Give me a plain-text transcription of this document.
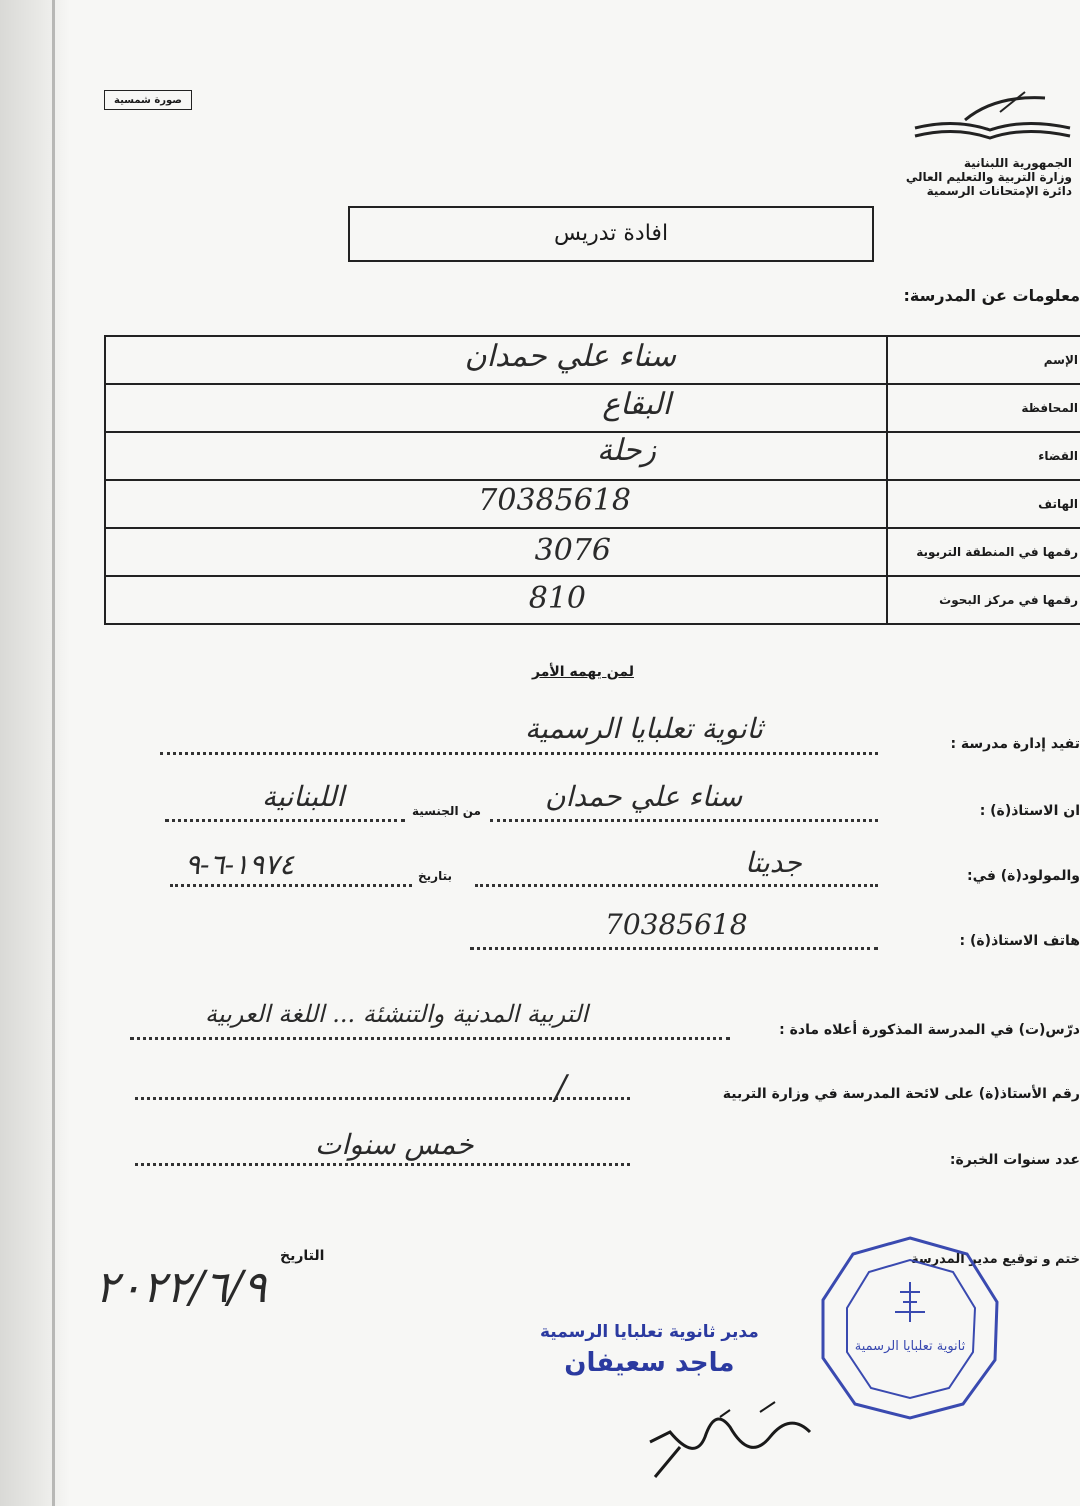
صورة شمسية
الجمهورية اللبنانية
وزارة التربية والتعليم العالي
دائرة الإمتحانات الرسمية
افادة تدريس
معلومات عن المدرسة:
سناء علي حمدان	الإسم

البقاع	المحافظة

زحلة	القضاء

70385618	الهاتف

3076	رقمها في المنطقة التربوية

810	رقمها في مركز البحوث
لمن يهمه الأمر
تفيد إدارة مدرسة :
ثانوية تعلبايا الرسمية
ان الاستاذ(ة) :
سناء علي حمدان
من الجنسية
اللبنانية
والمولود(ة) في:
جديتا
بتاريخ
١٩٧٤-٦-٩
هاتف الاستاذ(ة) :
70385618
درّس(ت) في المدرسة المذكورة أعلاه مادة :
التربية المدنية والتنشئة ... اللغة العربية
رقم الأستاذ(ة) على لائحة المدرسة في وزارة التربية
/
عدد سنوات الخبرة:
خمس سنوات
التاريخ
٢٠٢٢/٦/٩
ختم و توقيع مدير المدرسة
ثانوية تعلبايا الرسمية
مدير ثانوية تعلبايا الرسمية
ماجد سعيفان
